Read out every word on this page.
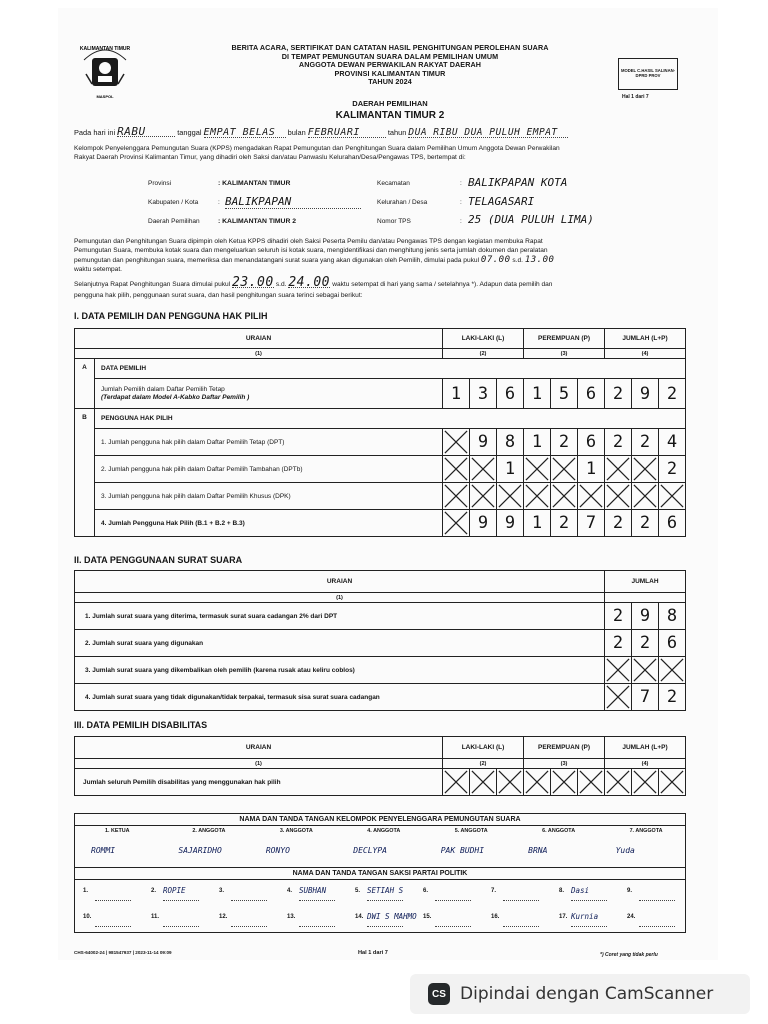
KALIMANTAN TIMUR
MASPOL
BERITA ACARA, SERTIFIKAT DAN CATATAN HASIL PENGHITUNGAN PEROLEHAN SUARA
DI TEMPAT PEMUNGUTAN SUARA DALAM PEMILIHAN UMUM
ANGGOTA DEWAN PERWAKILAN RAKYAT DAERAH
PROVINSI KALIMANTAN TIMUR
TAHUN 2024
MODEL C.HASIL SALINAN-DPRD PROV
Hal 1 dari 7
DAERAH PEMILIHAN
KALIMANTAN TIMUR 2
Pada hari ini RABU	tanggal EMPAT BELAS bulan FEBRUARI	tahun DUA RIBU DUA PULUH EMPAT
Kelompok Penyelenggara Pemungutan Suara (KPPS) mengadakan Rapat Pemungutan dan Penghitungan Suara dalam Pemilihan Umum Anggota Dewan Perwakilan
Rakyat Daerah Provinsi Kalimantan Timur, yang dihadiri oleh Saksi dan/atau Panwaslu Kelurahan/Desa/Pengawas TPS, bertempat di:
Provinsi	: KALIMANTAN TIMUR
Kabupaten / Kota	: BALIKPAPAN
Daerah Pemilihan	: KALIMANTAN TIMUR 2
Kecamatan	: BALIKPAPAN KOTA
Kelurahan / Desa	: TELAGASARI
Nomor TPS	: 25 (DUA PULUH LIMA)
Pemungutan dan Penghitungan Suara dipimpin oleh Ketua KPPS dihadiri oleh Saksi Peserta Pemilu dan/atau Pengawas TPS dengan kegiatan membuka Rapat
Pemungutan Suara, membuka kotak suara dan mengeluarkan seluruh isi kotak suara, mengidentifikasi dan menghitung jenis serta jumlah dokumen dan peralatan
pemungutan dan penghitungan suara, memeriksa dan menandatangani surat suara yang akan digunakan oleh Pemilih, dimulai pada pukul 07.00 s.d. 13.00
waktu setempat.
Selanjutnya Rapat Penghitungan Suara dimulai pukul 23.00 s.d. 24.00 waktu setempat di hari yang sama / setelahnya *). Adapun data pemilih dan
pengguna hak pilih, penggunaan surat suara, dan hasil penghitungan suara terinci sebagai berikut:
I. DATA PEMILIH DAN PENGGUNA HAK PILIH
URAIAN		LAKI-LAKI (L)			PEREMPUAN (P)			JUMLAH (L+P)		
(1)		(2)			(3)			(4)		
A	DATA PEMILIH									

	Jumlah Pemilih dalam Daftar Pemilih Tetap
(Terdapat dalam Model A-Kabko Daftar Pemilih )	1	3	6	1	5	6	2	9	2
B	PENGGUNA HAK PILIH									
	1. Jumlah pengguna hak pilih dalam Daftar Pemilih Tetap (DPT)		9	8	1	2	6	2	2	4
	2. Jumlah pengguna hak pilih dalam Daftar Pemilih Tambahan (DPTb)			1			1			2
	3. Jumlah pengguna hak pilih dalam Daftar Pemilih Khusus (DPK)	

	4. Jumlah Pengguna Hak Pilih (B.1 + B.2 + B.3)		9	9	1	2	7	2	2	6
II. DATA PENGGUNAAN SURAT SUARA
URAIAN	JUMLAH		
(1)			
1. Jumlah surat suara yang diterima, termasuk surat suara cadangan 2% dari DPT	2	9	8
2. Jumlah surat suara yang digunakan	2	2	6
3. Jumlah surat suara yang dikembalikan oleh pemilih (karena rusak atau keliru coblos)	

4. Jumlah surat suara yang tidak digunakan/tidak terpakai, termasuk sisa surat suara cadangan		7	2
III. DATA PEMILIH DISABILITAS
URAIAN	LAKI-LAKI (L)			PEREMPUAN (P)			JUMLAH (L+P)		
(1)	(2)			(3)			(4)		
Jumlah seluruh Pemilih disabilitas yang menggunakan hak pilih	

NAMA DAN TANDA TANGAN KELOMPOK PENYELENGGARA PEMUNGUTAN SUARA
1. KETUA
ROMMI
2. ANGGOTA
SAJARIDHO
3. ANGGOTA
RONYO
4. ANGGOTA
DECLYPA
5. ANGGOTA
PAK BUDHI
6. ANGGOTA
BRNA
7. ANGGOTA
Yuda
NAMA DAN TANDA TANGAN SAKSI PARTAI POLITIK
1.	2. ROPIE	3.	4. SUBHAN	5. SETIAH S	6.	7.	8. Dasi	9.
10.	11.	12.	13.	14. DWI S MAHMO 15.	16.	17. Kurnia	24.
CHS-64002-24 | 981547937 | 2023-11-14 09:09	Hal 1 dari 7	*) Coret yang tidak perlu
CS Dipindai dengan CamScanner
